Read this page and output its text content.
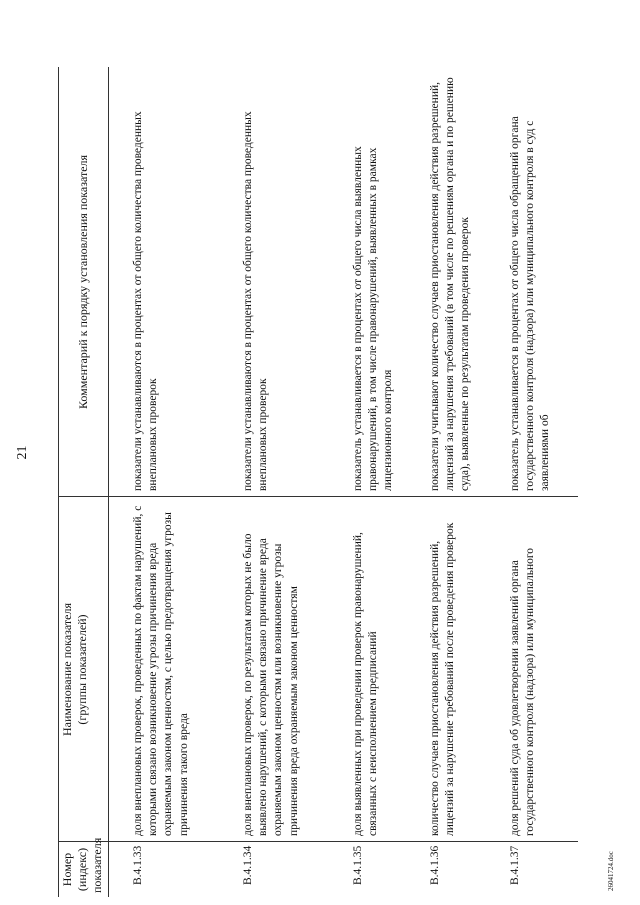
21
Номер (индекс) показателя	Наименование показателя (группы показателей)	Комментарий к порядку установления показателя

В.4.1.33	доля внеплановых проверок, проведенных по фактам нарушений, с которыми связано возникновение угрозы причинения вреда охраняемым законом ценностям, с целью предотвращения угрозы причинения такого вреда	показатели устанавливаются в процентах от общего количества проведенных внеплановых проверок
В.4.1.34	доля внеплановых проверок, по результатам которых не было выявлено нарушений, с которыми связано причинение вреда охраняемым законом ценностям или возникновение угрозы причинения вреда охраняемым законом ценностям	показатели устанавливаются в процентах от общего количества проведенных внеплановых проверок
В.4.1.35	доля выявленных при проведении проверок правонарушений, связанных с неисполнением предписаний	показатель устанавливается в процентах от общего числа выявленных правонарушений, в том числе правонарушений, выявленных в рамках лицензионного контроля
В.4.1.36	количество случаев приостановления действия разрешений, лицензий за нарушение требований после проведения проверок	показатели учитывают количество случаев приостановления действия разрешений, лицензий за нарушения требований (в том числе по решениям органа и по решению суда), выявленные по результатам проведения проверок
В.4.1.37	доля решений суда об удовлетворении заявлений органа государственного контроля (надзора) или муниципального	показатель устанавливается в процентах от общего числа обращений органа государственного контроля (надзора) или муниципального контроля в суд с заявлениями об
26041724.doc
